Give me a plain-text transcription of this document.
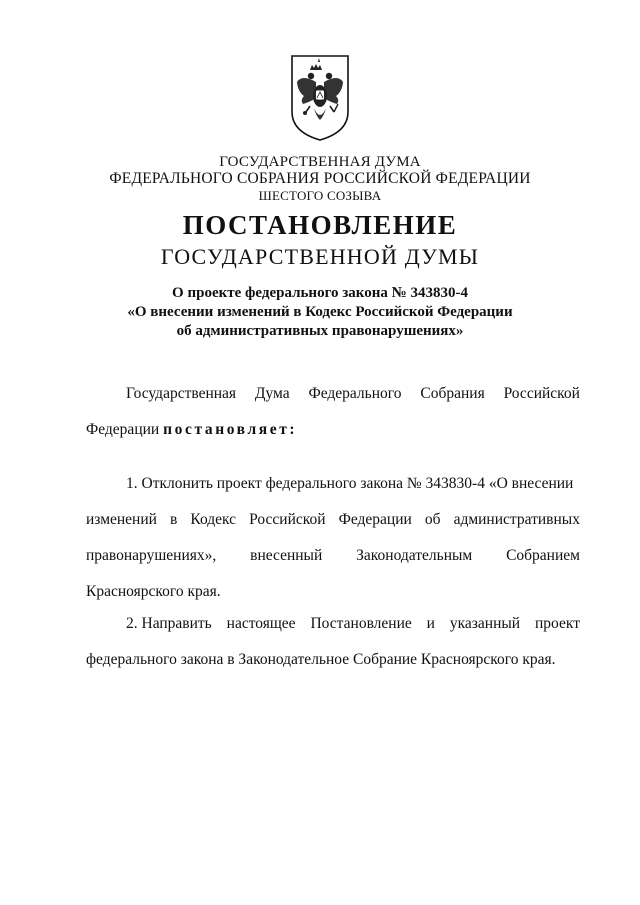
ГОСУДАРСТВЕННАЯ ДУМА
ФЕДЕРАЛЬНОГО СОБРАНИЯ РОССИЙСКОЙ ФЕДЕРАЦИИ
ШЕСТОГО СОЗЫВА
ПОСТАНОВЛЕНИЕ
ГОСУДАРСТВЕННОЙ ДУМЫ
О проекте федерального закона № 343830-4
«О внесении изменений в Кодекс Российской Федерации
об административных правонарушениях»
Государственная Дума Федерального Собрания Российской
Федерации постановляет:
1. Отклонить проект федерального закона № 343830-4 «О внесении
изменений в Кодекс Российской Федерации об административных
правонарушениях», внесенный Законодательным Собранием
Красноярского края.
2. Направить настоящее Постановление и указанный проект
федерального закона в Законодательное Собрание Красноярского края.
